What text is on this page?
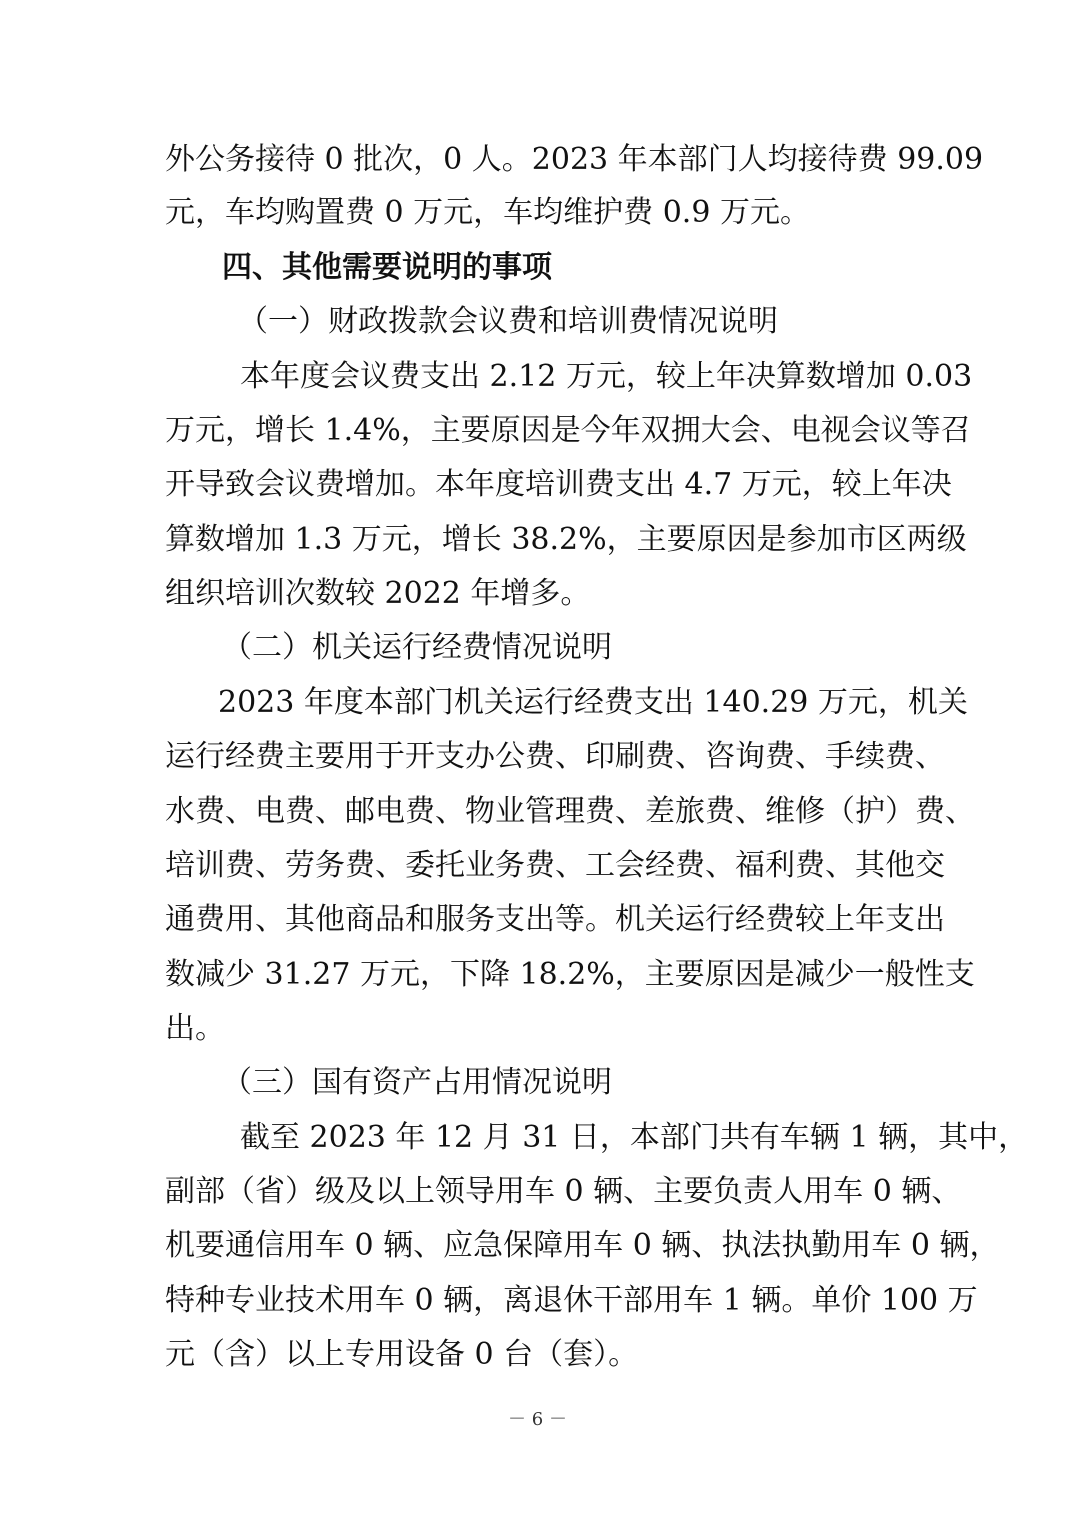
外公务接待 0 批次，0 人。2023 年本部门人均接待费 99.09
元，车均购置费 0 万元，车均维护费 0.9 万元。
四、其他需要说明的事项
（一）财政拨款会议费和培训费情况说明
本年度会议费支出 2.12 万元，较上年决算数增加 0.03
万元，增长 1.4%，主要原因是今年双拥大会、电视会议等召
开导致会议费增加。本年度培训费支出 4.7 万元，较上年决
算数增加 1.3 万元，增长 38.2%，主要原因是参加市区两级
组织培训次数较 2022 年增多。
（二）机关运行经费情况说明
2023 年度本部门机关运行经费支出 140.29 万元，机关
运行经费主要用于开支办公费、印刷费、咨询费、手续费、
水费、电费、邮电费、物业管理费、差旅费、维修（护）费、
培训费、劳务费、委托业务费、工会经费、福利费、其他交
通费用、其他商品和服务支出等。机关运行经费较上年支出
数减少 31.27 万元，下降 18.2%，主要原因是减少一般性支
出。
（三）国有资产占用情况说明
截至 2023 年 12 月 31 日，本部门共有车辆 1 辆，其中，
副部（省）级及以上领导用车 0 辆、主要负责人用车 0 辆、
机要通信用车 0 辆、应急保障用车 0 辆、执法执勤用车 0 辆，
特种专业技术用车 0 辆，离退休干部用车 1 辆。单价 100 万
元（含）以上专用设备 0 台（套）。
－ 6 －
